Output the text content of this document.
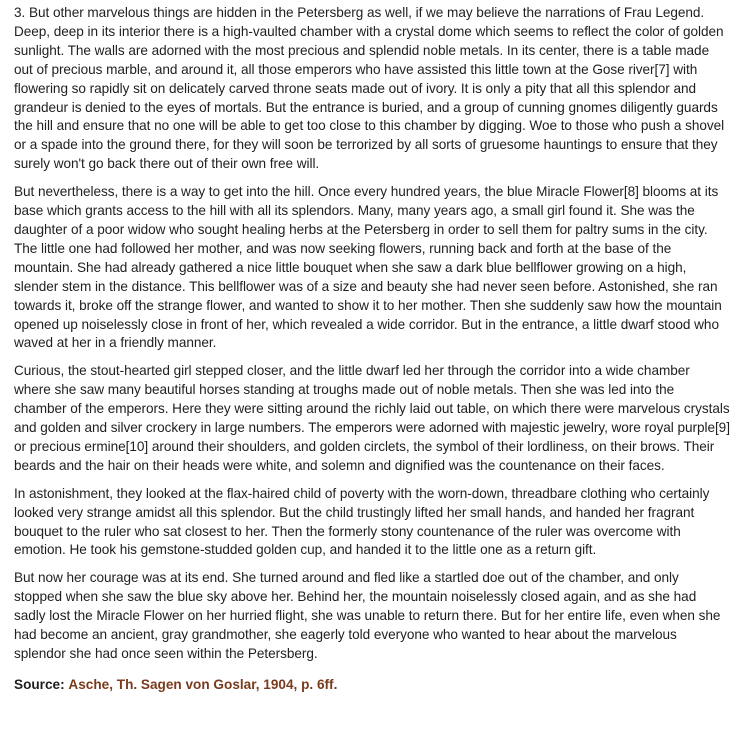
3. But other marvelous things are hidden in the Petersberg as well, if we may believe the narrations of Frau Legend. Deep, deep in its interior there is a high-vaulted chamber with a crystal dome which seems to reflect the color of golden sunlight. The walls are adorned with the most precious and splendid noble metals. In its center, there is a table made out of precious marble, and around it, all those emperors who have assisted this little town at the Gose river[7] with flowering so rapidly sit on delicately carved throne seats made out of ivory. It is only a pity that all this splendor and grandeur is denied to the eyes of mortals. But the entrance is buried, and a group of cunning gnomes diligently guards the hill and ensure that no one will be able to get too close to this chamber by digging. Woe to those who push a shovel or a spade into the ground there, for they will soon be terrorized by all sorts of gruesome hauntings to ensure that they surely won't go back there out of their own free will.

But nevertheless, there is a way to get into the hill. Once every hundred years, the blue Miracle Flower[8] blooms at its base which grants access to the hill with all its splendors. Many, many years ago, a small girl found it. She was the daughter of a poor widow who sought healing herbs at the Petersberg in order to sell them for paltry sums in the city. The little one had followed her mother, and was now seeking flowers, running back and forth at the base of the mountain. She had already gathered a nice little bouquet when she saw a dark blue bellflower growing on a high, slender stem in the distance. This bellflower was of a size and beauty she had never seen before. Astonished, she ran towards it, broke off the strange flower, and wanted to show it to her mother. Then she suddenly saw how the mountain opened up noiselessly close in front of her, which revealed a wide corridor. But in the entrance, a little dwarf stood who waved at her in a friendly manner.

Curious, the stout-hearted girl stepped closer, and the little dwarf led her through the corridor into a wide chamber where she saw many beautiful horses standing at troughs made out of noble metals. Then she was led into the chamber of the emperors. Here they were sitting around the richly laid out table, on which there were marvelous crystals and golden and silver crockery in large numbers. The emperors were adorned with majestic jewelry, wore royal purple[9] or precious ermine[10] around their shoulders, and golden circlets, the symbol of their lordliness, on their brows. Their beards and the hair on their heads were white, and solemn and dignified was the countenance on their faces.

In astonishment, they looked at the flax-haired child of poverty with the worn-down, threadbare clothing who certainly looked very strange amidst all this splendor. But the child trustingly lifted her small hands, and handed her fragrant bouquet to the ruler who sat closest to her. Then the formerly stony countenance of the ruler was overcome with emotion. He took his gemstone-studded golden cup, and handed it to the little one as a return gift.

But now her courage was at its end. She turned around and fled like a startled doe out of the chamber, and only stopped when she saw the blue sky above her. Behind her, the mountain noiselessly closed again, and as she had sadly lost the Miracle Flower on her hurried flight, she was unable to return there. But for her entire life, even when she had become an ancient, gray grandmother, she eagerly told everyone who wanted to hear about the marvelous splendor she had once seen within the Petersberg.

Source: Asche, Th. Sagen von Goslar, 1904, p. 6ff.
